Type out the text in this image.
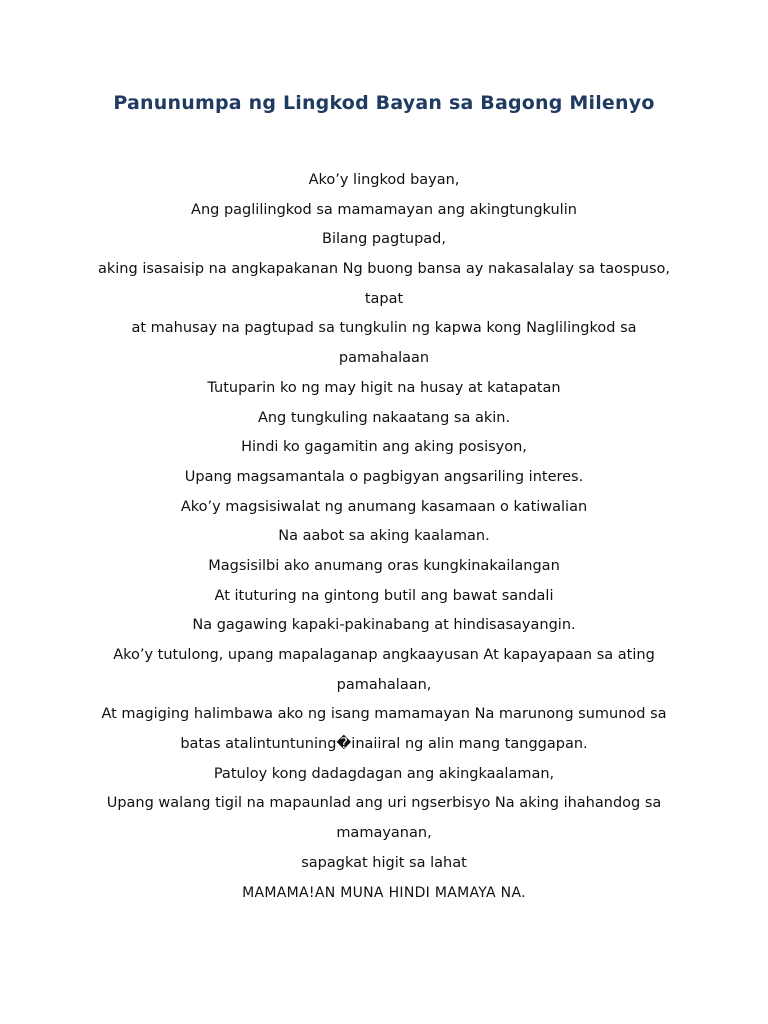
Panunumpa ng Lingkod Bayan sa Bagong Milenyo
Ako’y lingkod bayan,
Ang paglilingkod sa mamamayan ang akingtungkulin
Bilang pagtupad,
aking isasaisip na angkapakanan Ng buong bansa ay nakasalalay sa taospuso,
tapat
at mahusay na pagtupad sa tungkulin ng kapwa kong Naglilingkod sa
pamahalaan
Tutuparin ko ng may higit na husay at katapatan
Ang tungkuling nakaatang sa akin.
Hindi ko gagamitin ang aking posisyon,
Upang magsamantala o pagbigyan angsariling interes.
Ako’y magsisiwalat ng anumang kasamaan o katiwalian
Na aabot sa aking kaalaman.
Magsisilbi ako anumang oras kungkinakailangan
At ituturing na gintong butil ang bawat sandali
Na gagawing kapaki-pakinabang at hindisasayangin.
Ako’y tutulong, upang mapalaganap angkaayusan At kapayapaan sa ating
pamahalaan,
At magiging halimbawa ako ng isang mamamayan Na marunong sumunod sa
batas atalintuntuning�inaiiral ng alin mang tanggapan.
Patuloy kong dadagdagan ang akingkaalaman,
Upang walang tigil na mapaunlad ang uri ngserbisyo Na aking ihahandog sa
mamayanan,
sapagkat higit sa lahat
MAMAMA!AN MUNA HINDI MAMAYA NA.
